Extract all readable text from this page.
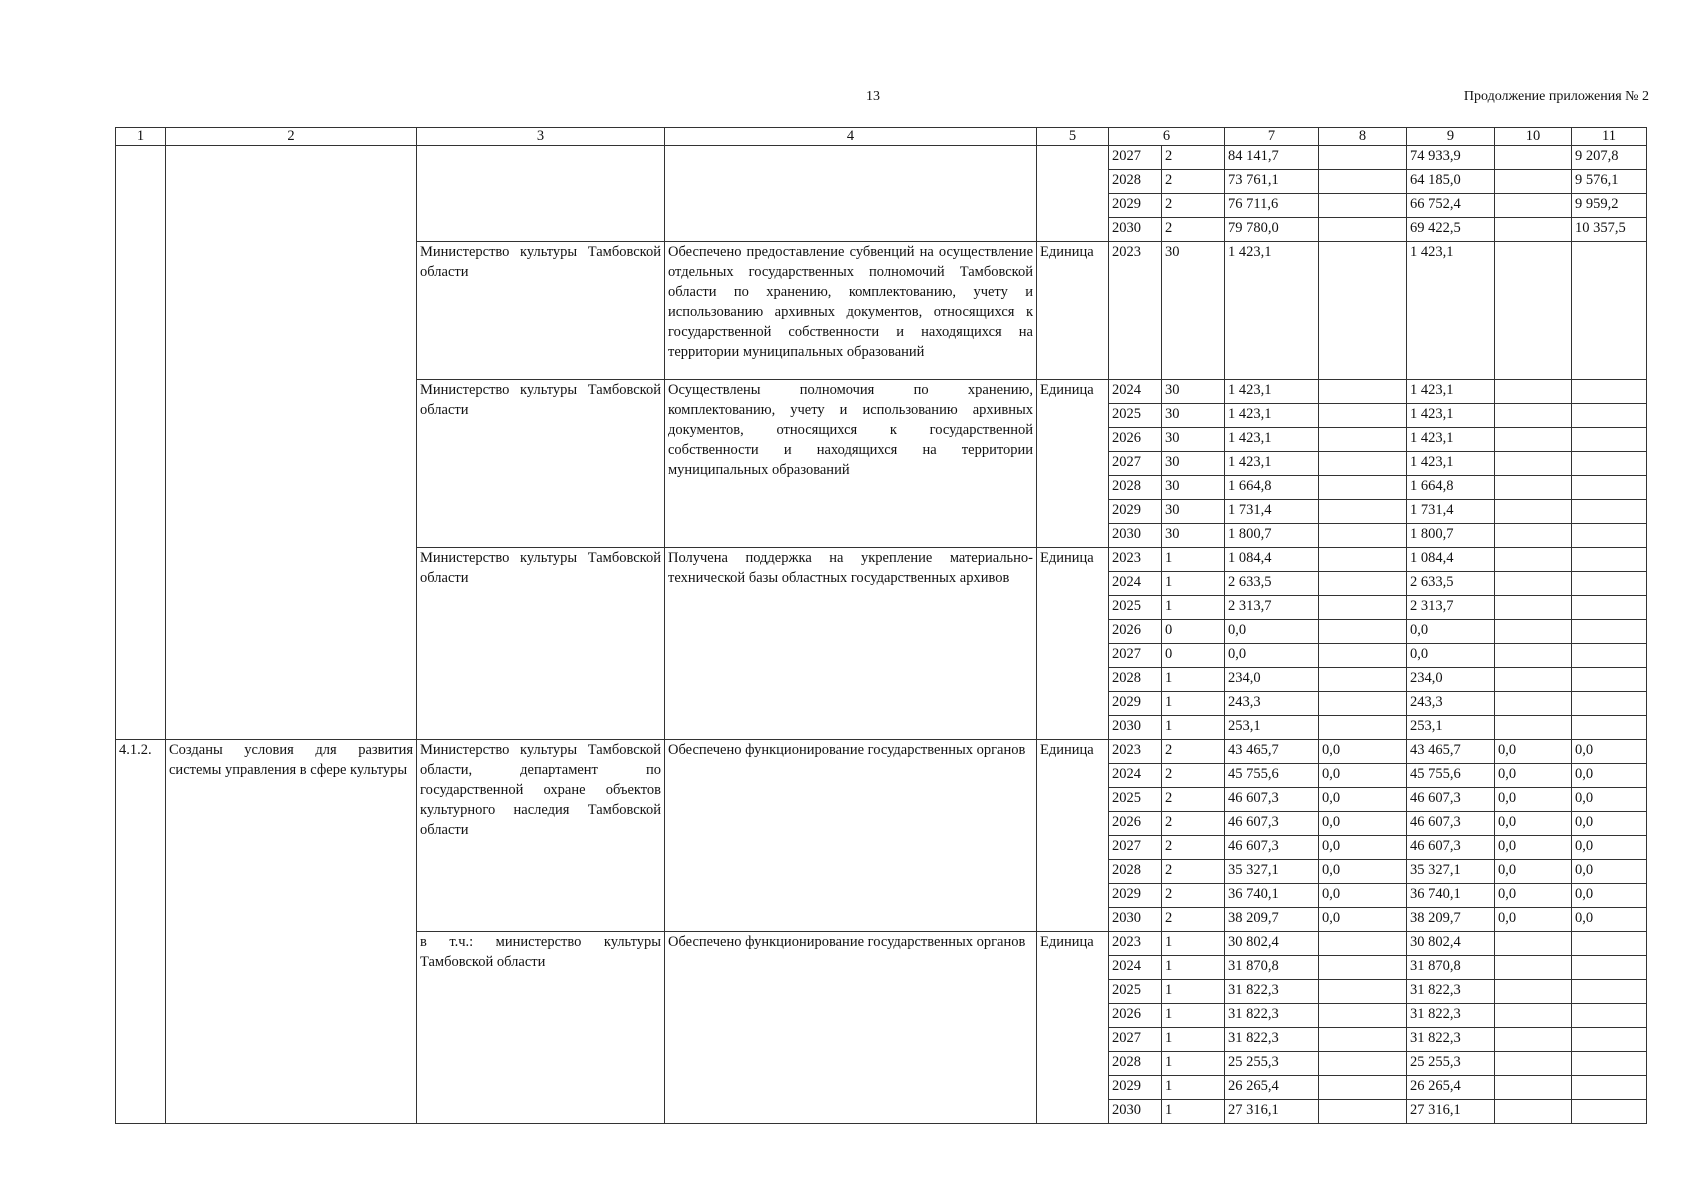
13	Продолжение приложения № 2
1	2	3	4	5	6		7	8	9	10	11
					2027	2	84 141,7		74 933,9		9 207,8
					2028	2	73 761,1		64 185,0		9 576,1
					2029	2	76 711,6		66 752,4		9 959,2
					2030	2	79 780,0		69 422,5		10 357,5
		Министерство культуры Тамбовской области	Обеспечено предоставление субвенций на осуществление отдельных государственных полномочий Тамбовской области по хранению, комплектованию, учету и использованию архивных документов, относящихся к государственной собственности и находящихся на территории муниципальных образований	Единица	2023	30	1 423,1		1 423,1		
		Министерство культуры Тамбовской области	Осуществлены полномочия по хранению, комплектованию, учету и использованию архивных документов, относящихся к государственной собственности и находящихся на территории муниципальных образований	Единица	2024	30	1 423,1		1 423,1		
					2025	30	1 423,1		1 423,1		
					2026	30	1 423,1		1 423,1		
					2027	30	1 423,1		1 423,1		
					2028	30	1 664,8		1 664,8		
					2029	30	1 731,4		1 731,4		
					2030	30	1 800,7		1 800,7		
		Министерство культуры Тамбовской области	Получена поддержка на укрепление материально-технической базы областных государственных архивов	Единица	2023	1	1 084,4		1 084,4		
					2024	1	2 633,5		2 633,5		
					2025	1	2 313,7		2 313,7		
					2026	0	0,0		0,0		
					2027	0	0,0		0,0		
					2028	1	234,0		234,0		
					2029	1	243,3		243,3		
					2030	1	253,1		253,1		
4.1.2.	Созданы условия для развития системы управления в сфере культуры	Министерство культуры Тамбовской области, департамент по государственной охране объектов культурного наследия Тамбовской области	Обеспечено функционирование государственных органов	Единица	2023	2	43 465,7	0,0	43 465,7	0,0	0,0
					2024	2	45 755,6	0,0	45 755,6	0,0	0,0
					2025	2	46 607,3	0,0	46 607,3	0,0	0,0
					2026	2	46 607,3	0,0	46 607,3	0,0	0,0
					2027	2	46 607,3	0,0	46 607,3	0,0	0,0
					2028	2	35 327,1	0,0	35 327,1	0,0	0,0
					2029	2	36 740,1	0,0	36 740,1	0,0	0,0
					2030	2	38 209,7	0,0	38 209,7	0,0	0,0
		в т.ч.: министерство культуры Тамбовской области	Обеспечено функционирование государственных органов	Единица	2023	1	30 802,4		30 802,4		
					2024	1	31 870,8		31 870,8		
					2025	1	31 822,3		31 822,3		
					2026	1	31 822,3		31 822,3		
					2027	1	31 822,3		31 822,3		
					2028	1	25 255,3		25 255,3		
					2029	1	26 265,4		26 265,4		
					2030	1	27 316,1		27 316,1		
